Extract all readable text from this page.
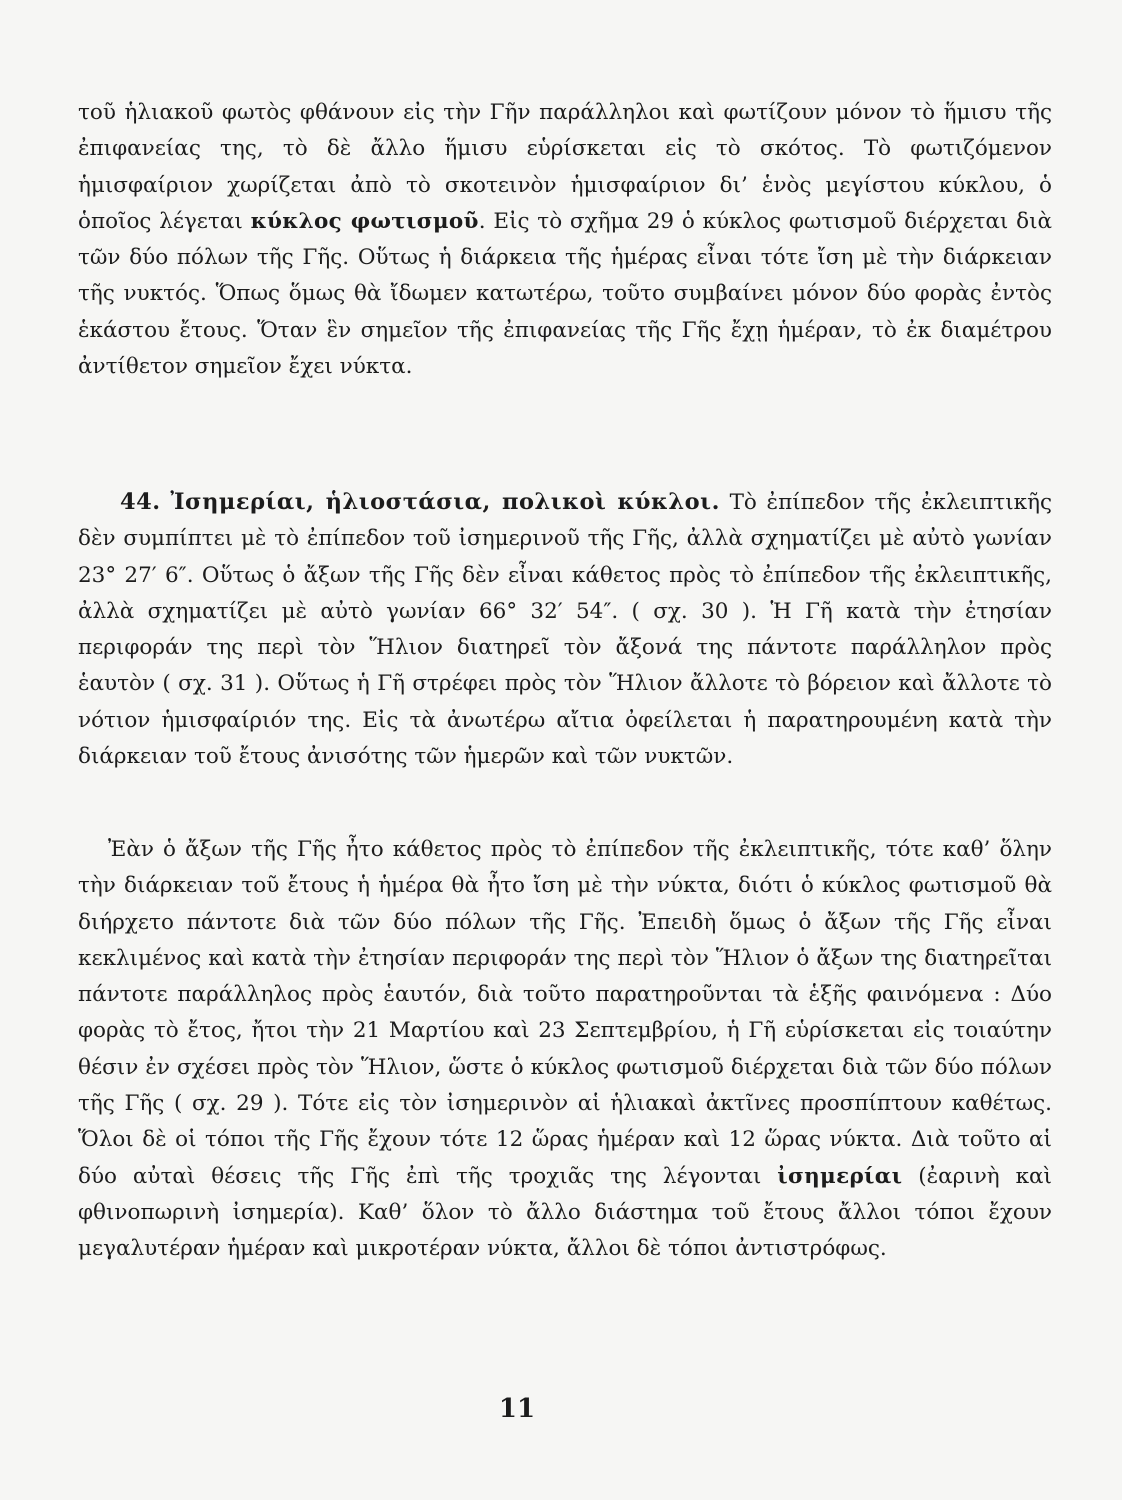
τοῦ ἡλιακοῦ φωτὸς φθάνουν εἰς τὴν Γῆν παράλληλοι καὶ φωτίζουν μόνον τὸ ἥμισυ τῆς ἐπιφανείας της, τὸ δὲ ἄλλο ἥμισυ εὑρίσκεται εἰς τὸ σκότος. Τὸ φωτιζόμενον ἡμισφαίριον χωρίζεται ἀπὸ τὸ σκοτεινὸν ἡμισφαίριον δι’ ἑνὸς μεγίστου κύκλου, ὁ ὁποῖος λέγεται κύκλος φωτισμοῦ. Εἰς τὸ σχῆμα 29 ὁ κύκλος φωτισμοῦ διέρχεται διὰ τῶν δύο πόλων τῆς Γῆς. Οὕτως ἡ διάρκεια τῆς ἡμέρας εἶναι τότε ἴση μὲ τὴν διάρκειαν τῆς νυκτός. Ὅπως ὅμως θὰ ἴδωμεν κατωτέρω, τοῦτο συμβαίνει μόνον δύο φορὰς ἐντὸς ἑκάστου ἔτους. Ὅταν ἓν σημεῖον τῆς ἐπιφανείας τῆς Γῆς ἔχῃ ἡμέραν, τὸ ἐκ διαμέτρου ἀντίθετον σημεῖον ἔχει νύκτα.

44. Ἰσημερίαι, ἡλιοστάσια, πολικοὶ κύκλοι. Τὸ ἐπίπεδον τῆς ἐκλειπτικῆς δὲν συμπίπτει μὲ τὸ ἐπίπεδον τοῦ ἰσημερινοῦ τῆς Γῆς, ἀλλὰ σχηματίζει μὲ αὐτὸ γωνίαν 23° 27′ 6″. Οὕτως ὁ ἄξων τῆς Γῆς δὲν εἶναι κάθετος πρὸς τὸ ἐπίπεδον τῆς ἐκλειπτικῆς, ἀλλὰ σχηματίζει μὲ αὐτὸ γωνίαν 66° 32′ 54″. ( σχ. 30 ). Ἡ Γῆ κατὰ τὴν ἐτησίαν περιφοράν της περὶ τὸν Ἥλιον διατηρεῖ τὸν ἄξονά της πάντοτε παράλληλον πρὸς ἑαυτὸν ( σχ. 31 ). Οὕτως ἡ Γῆ στρέφει πρὸς τὸν Ἥλιον ἄλλοτε τὸ βόρειον καὶ ἄλλοτε τὸ νότιον ἡμισφαίριόν της. Εἰς τὰ ἀνωτέρω αἴτια ὀφείλεται ἡ παρατηρουμένη κατὰ τὴν διάρκειαν τοῦ ἔτους ἀνισότης τῶν ἡμερῶν καὶ τῶν νυκτῶν.

Ἐὰν ὁ ἄξων τῆς Γῆς ἦτο κάθετος πρὸς τὸ ἐπίπεδον τῆς ἐκλειπτικῆς, τότε καθ’ ὅλην τὴν διάρκειαν τοῦ ἔτους ἡ ἡμέρα θὰ ἦτο ἴση μὲ τὴν νύκτα, διότι ὁ κύκλος φωτισμοῦ θὰ διήρχετο πάντοτε διὰ τῶν δύο πόλων τῆς Γῆς. Ἐπειδὴ ὅμως ὁ ἄξων τῆς Γῆς εἶναι κεκλιμένος καὶ κατὰ τὴν ἐτησίαν περιφοράν της περὶ τὸν Ἥλιον ὁ ἄξων της διατηρεῖται πάντοτε παράλληλος πρὸς ἑαυτόν, διὰ τοῦτο παρατηροῦνται τὰ ἑξῆς φαινόμενα : Δύο φορὰς τὸ ἔτος, ἤτοι τὴν 21 Μαρτίου καὶ 23 Σεπτεμβρίου, ἡ Γῆ εὑρίσκεται εἰς τοιαύτην θέσιν ἐν σχέσει πρὸς τὸν Ἥλιον, ὥστε ὁ κύκλος φωτισμοῦ διέρχεται διὰ τῶν δύο πόλων τῆς Γῆς ( σχ. 29 ). Τότε εἰς τὸν ἰσημερινὸν αἱ ἡλιακαὶ ἀκτῖνες προσπίπτουν καθέτως. Ὅλοι δὲ οἱ τόποι τῆς Γῆς ἔχουν τότε 12 ὥρας ἡμέραν καὶ 12 ὥρας νύκτα. Διὰ τοῦτο αἱ δύο αὐταὶ θέσεις τῆς Γῆς ἐπὶ τῆς τροχιᾶς της λέγονται ἰσημερίαι (ἐαρινὴ καὶ φθινοπωρινὴ ἰσημερία). Καθ’ ὅλον τὸ ἄλλο διάστημα τοῦ ἔτους ἄλλοι τόποι ἔχουν μεγαλυτέραν ἡμέραν καὶ μικροτέραν νύκτα, ἄλλοι δὲ τόποι ἀντιστρόφως.

11
